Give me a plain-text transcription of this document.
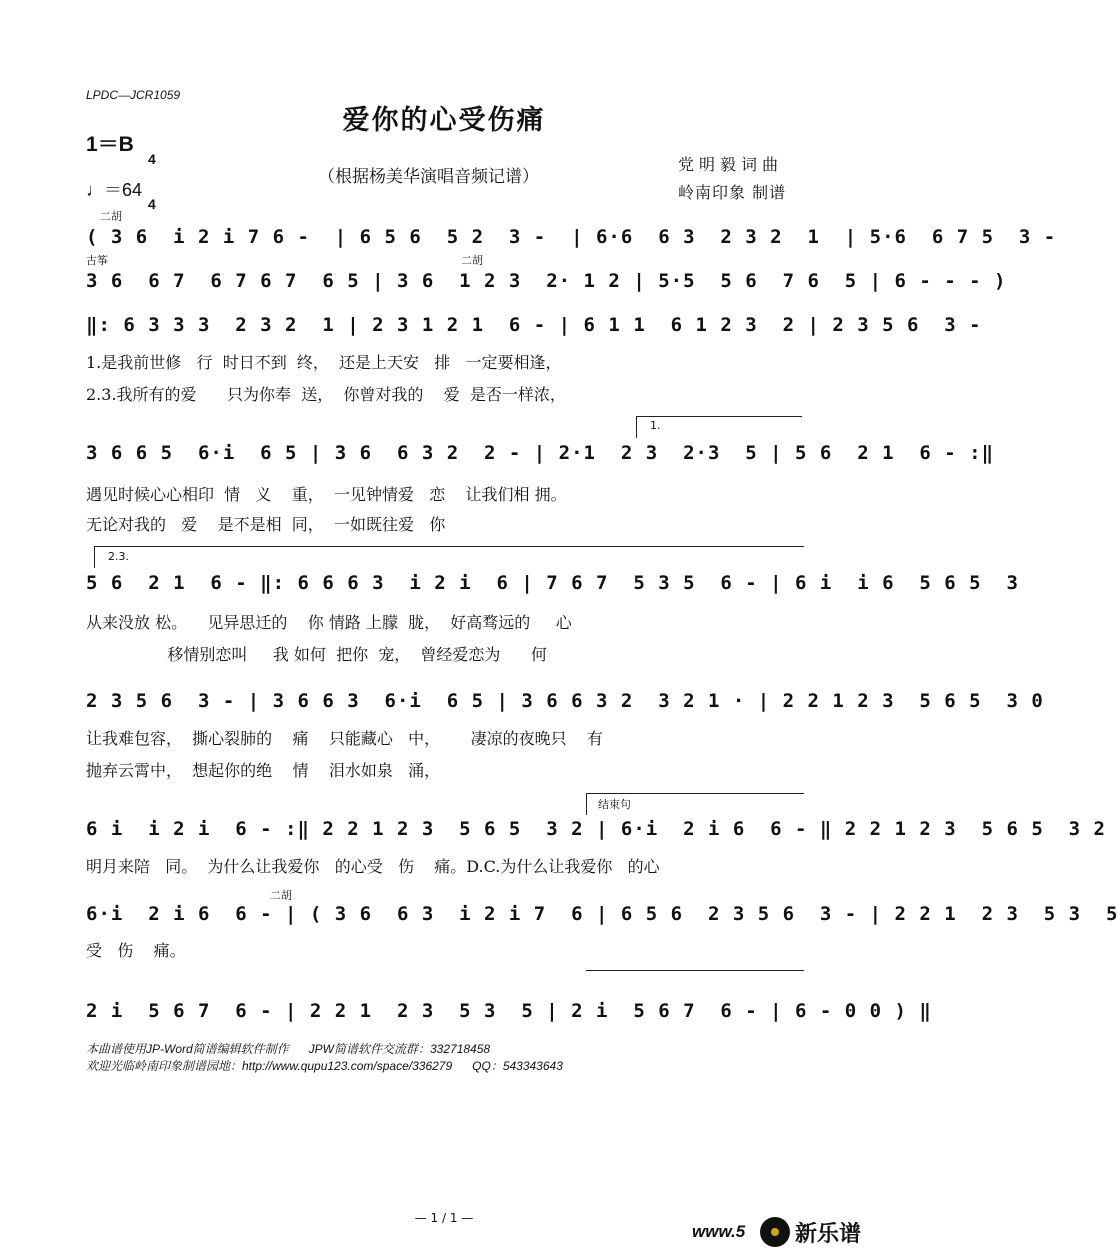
LPDC—JCR1059
爱你的心受伤痛
1＝B

4

4

♩＝64
（根据杨美华演唱音频记谱）
党明毅词曲
岭南印象 制谱
二胡
古筝	二胡
1.
2.3.
结束句
二胡
( 3 6  i 2 i 7 6 -  | 6 5 6  5 2  3 -  | 6·6  6 3  2 3 2  1  | 5·6  6 7 5  3 -
3 6  6 7  6 7 6 7  6 5 | 3 6  1 2 3  2· 1 2 | 5·5  5 6  7 6  5 | 6 - - - )
‖: 6 3 3 3  2 3 2  1 | 2 3 1 2 1  6 - | 6 1 1  6 1 2 3  2 | 2 3 5 6  3 -
1.是我前世修   行  时日不到  终，  还是上天安   排   一定要相逢，
2.3.我所有的爱      只为你奉  送，  你曾对我的    爱  是否一样浓，
3 6 6 5  6·i  6 5 | 3 6  6 3 2  2 - | 2·1  2 3  2·3  5 | 5 6  2 1  6 - :‖
遇见时候心心相印  情   义    重，  一见钟情爱   恋    让我们相 拥。
无论对我的   爱    是不是相  同，  一如既往爱   你
5 6  2 1  6 - ‖: 6 6 6 3  i 2 i  6 | 7 6 7  5 3 5  6 - | 6 i  i 6  5 6 5  3
从来没放 松。    见异思迁的    你 情路 上朦  胧，  好高骛远的     心
移情别恋叫     我 如何  把你  宠，  曾经爱恋为      何
2 3 5 6  3 - | 3 6 6 3  6·i  6 5 | 3 6 6 3 2  3 2 1 · | 2 2 1 2 3  5 6 5  3 0
让我难包容，  撕心裂肺的    痛    只能藏心   中，      凄凉的夜晚只    有
抛弃云霄中，  想起你的绝    情    泪水如泉   涌，
6 i  i 2 i  6 - :‖ 2 2 1 2 3  5 6 5  3 2 | 6·i  2 i 6  6 - ‖ 2 2 1 2 3  5 6 5  3 2
明月来陪   同。  为什么让我爱你   的心受   伤    痛。D.C.为什么让我爱你   的心
6·i  2 i 6  6 - | ( 3 6  6 3  i 2 i 7  6 | 6 5 6  2 3 5 6  3 - | 2 2 1  2 3  5 3  5
受   伤    痛。
2 i  5 6 7  6 - | 2 2 1  2 3  5 3  5 | 2 i  5 6 7  6 - | 6 - 0 0 ) ‖
本曲谱使用JP-Word简谱编辑软件制作      JPW简谱软件交流群：332718458
欢迎光临岭南印象制谱园地：http://www.qupu123.com/space/336279      QQ：543343643
— 1 / 1 —
www.5 新乐谱
